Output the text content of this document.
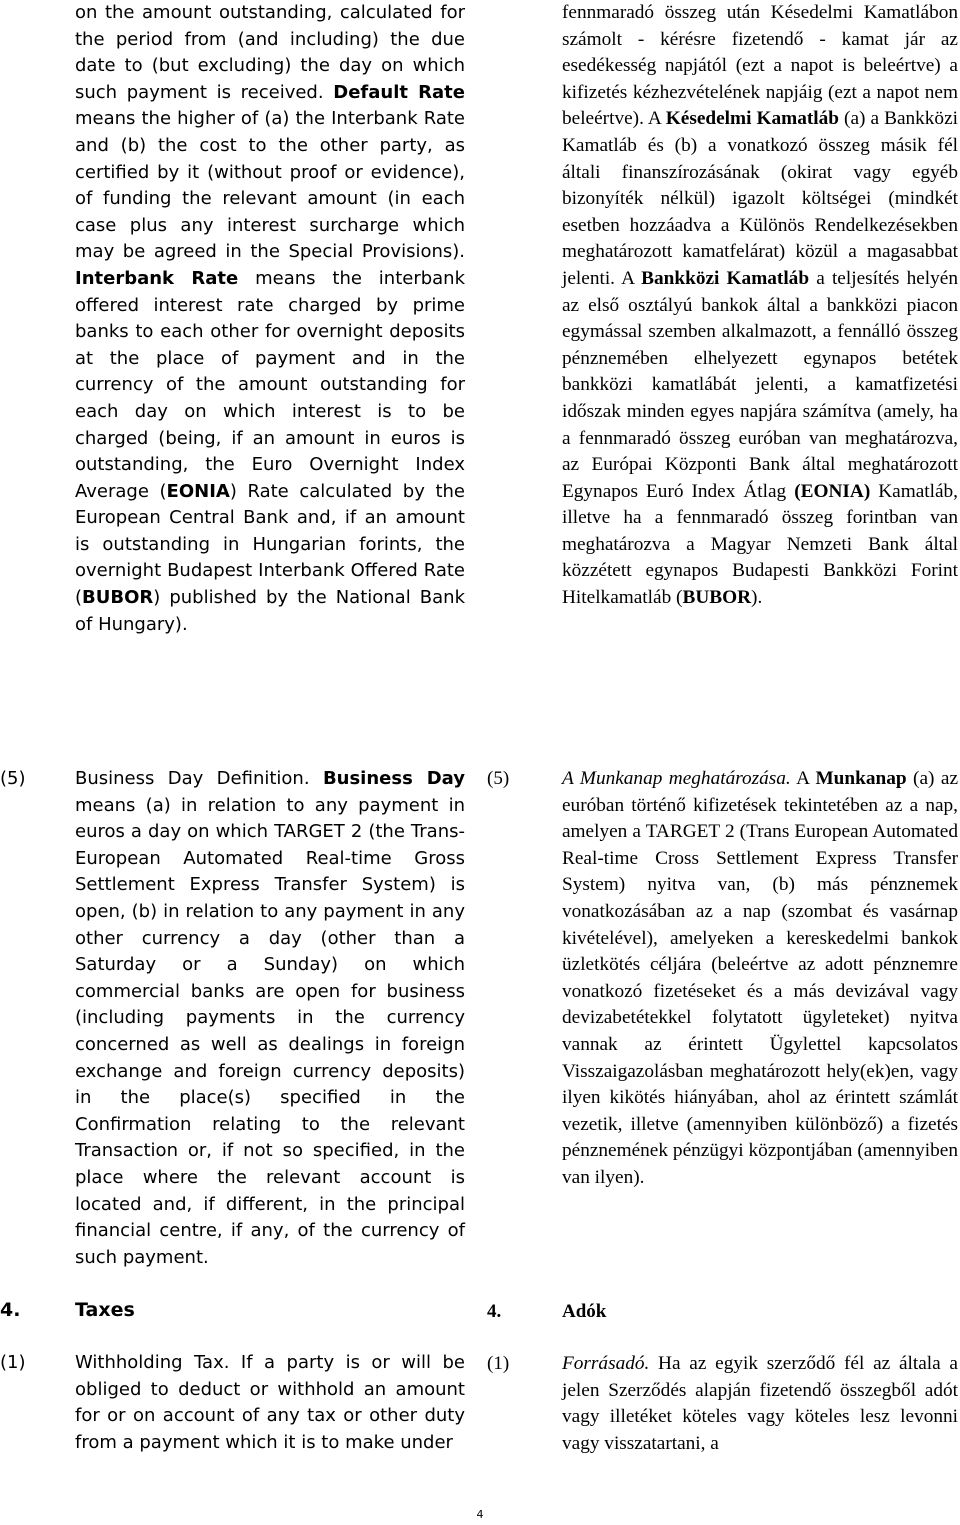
on the amount outstanding, calculated for the period from (and including) the due date to (but excluding) the day on which such payment is received. Default Rate means the higher of (a) the Interbank Rate and (b) the cost to the other party, as certified by it (without proof or evidence), of funding the relevant amount (in each case plus any interest surcharge which may be agreed in the Special Provisions). Interbank Rate means the interbank offered interest rate charged by prime banks to each other for overnight deposits at the place of payment and in the currency of the amount outstanding for each day on which interest is to be charged (being, if an amount in euros is outstanding, the Euro Overnight Index Average (EONIA) Rate calculated by the European Central Bank and, if an amount is outstanding in Hungarian forints, the overnight Budapest Interbank Offered Rate (BUBOR) published by the National Bank of Hungary).

fennmaradó összeg után Késedelmi Kamatlábon számolt - kérésre fizetendő - kamat jár az esedékesség napjától (ezt a napot is beleértve) a kifizetés kézhezvételének napjáig (ezt a napot nem beleértve). A Késedelmi Kamatláb (a) a Bankközi Kamatláb és (b) a vonatkozó összeg másik fél általi finanszírozásának (okirat vagy egyéb bizonyíték nélkül) igazolt költségei (mindkét esetben hozzáadva a Különös Rendelkezésekben meghatározott kamatfelárat) közül a magasabbat jelenti. A Bankközi Kamatláb a teljesítés helyén az első osztályú bankok által a bankközi piacon egymással szemben alkalmazott, a fennálló összeg pénznemében elhelyezett egynapos betétek bankközi kamatlábát jelenti, a kamatfizetési időszak minden egyes napjára számítva (amely, ha a fennmaradó összeg euróban van meghatározva, az Európai Központi Bank által meghatározott Egynapos Euró Index Átlag (EONIA) Kamatláb, illetve ha a fennmaradó összeg forintban van meghatározva a Magyar Nemzeti Bank által közzétett egynapos Budapesti Bankközi Forint Hitelkamatláb (BUBOR).

(5)	Business Day Definition. Business Day means (a) in relation to any payment in euros a day on which TARGET 2 (the Trans-European Automated Real-time Gross Settlement Express Transfer System) is open, (b) in relation to any payment in any other currency a day (other than a Saturday or a Sunday) on which commercial banks are open for business (including payments in the currency concerned as well as dealings in foreign exchange and foreign currency deposits) in the place(s) specified in the Confirmation relating to the relevant Transaction or, if not so specified, in the place where the relevant account is located and, if different, in the principal financial centre, if any, of the currency of such payment.

(5)	A Munkanap meghatározása. A Munkanap (a) az euróban történő kifizetések tekintetében az a nap, amelyen a TARGET 2 (Trans European Automated Real-time Cross Settlement Express Transfer System) nyitva van, (b) más pénznemek vonatkozásában az a nap (szombat és vasárnap kivételével), amelyeken a kereskedelmi bankok üzletkötés céljára (beleértve az adott pénznemre vonatkozó fizetéseket és a más devizával vagy devizabetétekkel folytatott ügyleteket) nyitva vannak az érintett Ügylettel kapcsolatos Visszaigazolásban meghatározott hely(ek)en, vagy ilyen kikötés hiányában, ahol az érintett számlát vezetik, illetve (amennyiben különböző) a fizetés pénznemének pénzügyi központjában (amennyiben van ilyen).

4.	Taxes	4.	Adók
(1)	Withholding Tax. If a party is or will be obliged to deduct or withhold an amount for or on account of any tax or other duty from a payment which it is to make under

(1)	Forrásadó. Ha az egyik szerződő fél az általa a jelen Szerződés alapján fizetendő összegből adót vagy illetéket köteles vagy köteles lesz levonni vagy visszatartani, a

4
